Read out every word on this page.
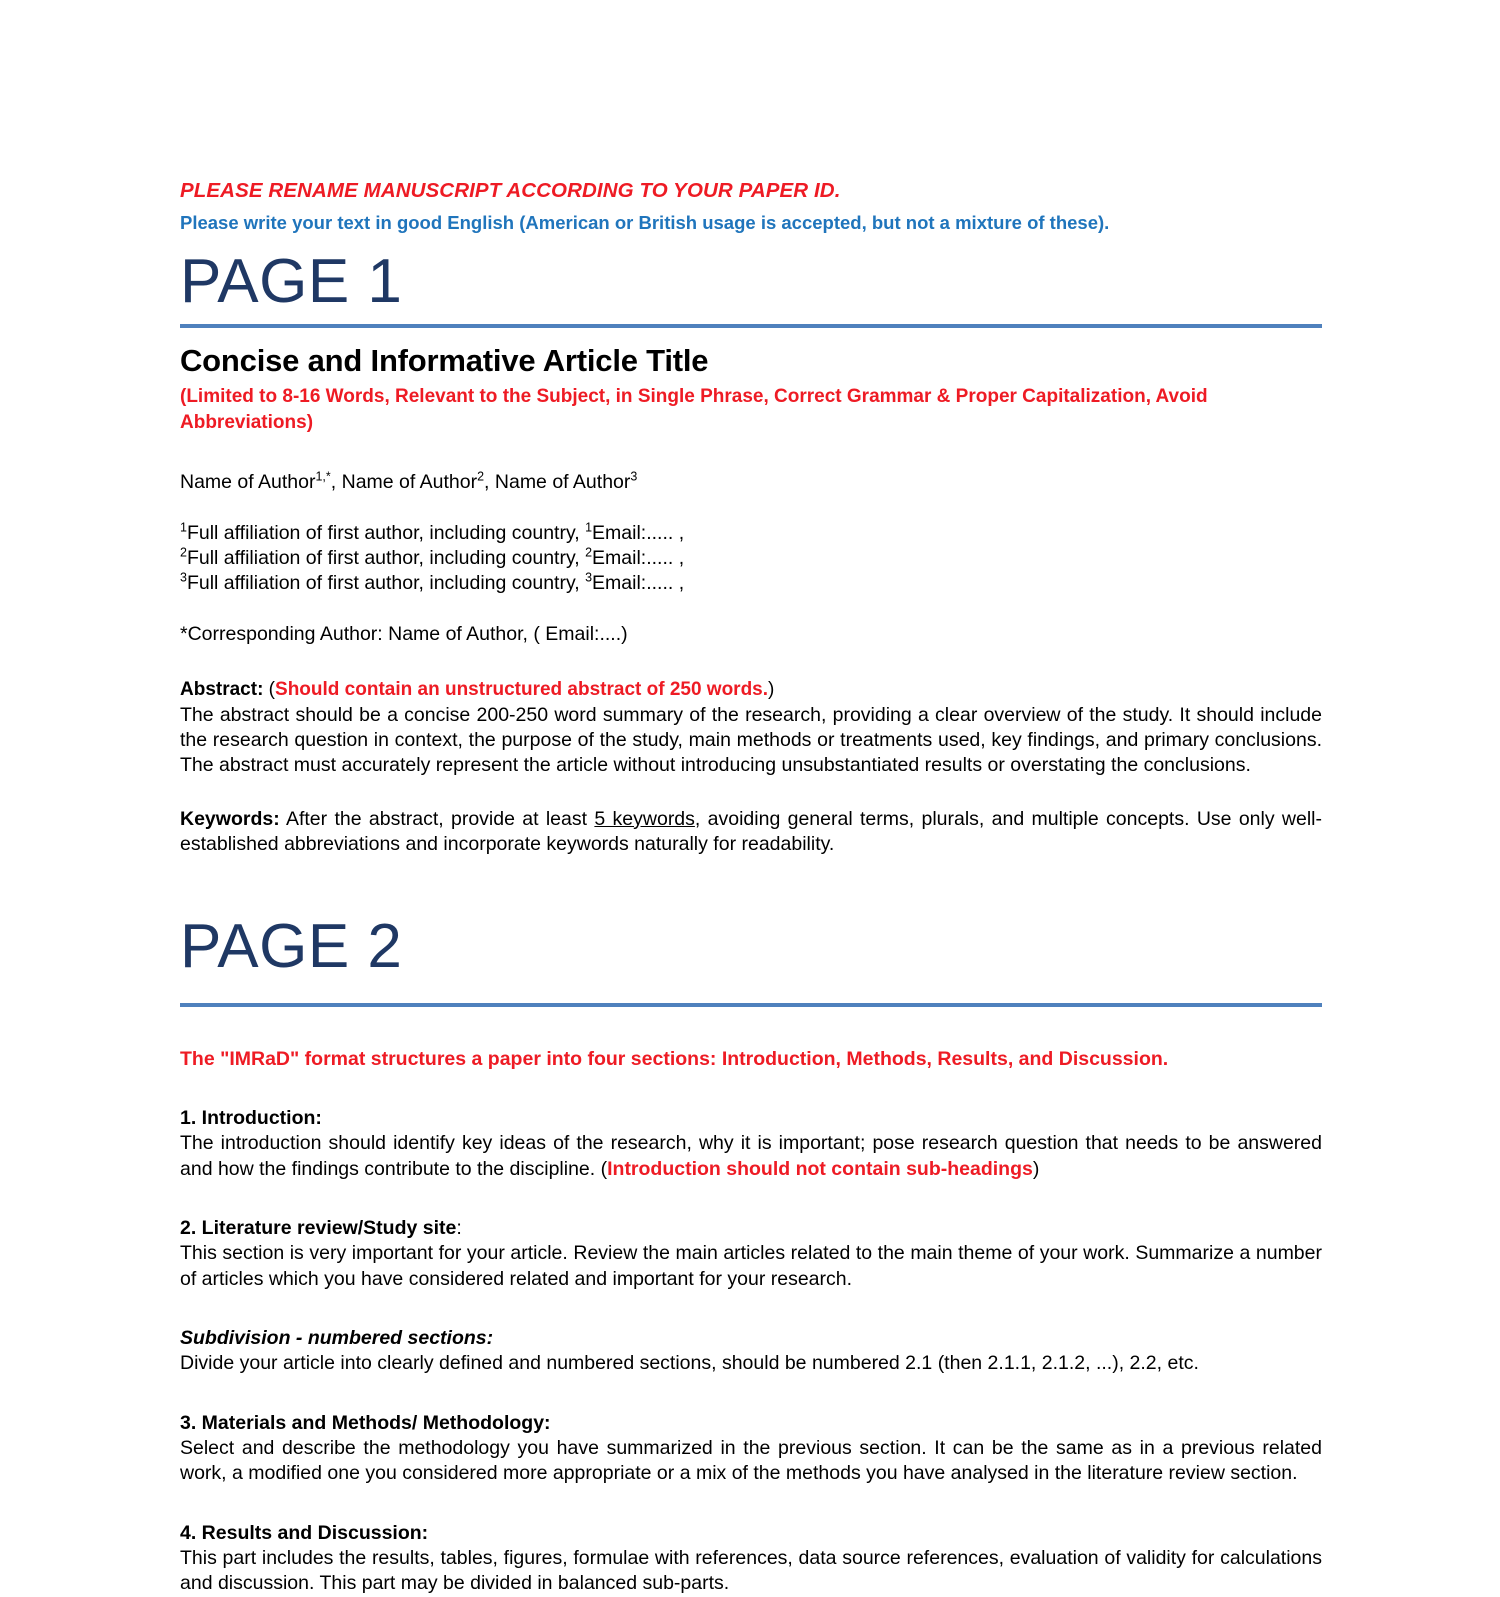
PLEASE RENAME MANUSCRIPT ACCORDING TO YOUR PAPER ID.

Please write your text in good English (American or British usage is accepted, but not a mixture of these).

PAGE 1
Concise and Informative Article Title

(Limited to 8-16 Words, Relevant to the Subject, in Single Phrase, Correct Grammar & Proper Capitalization, Avoid Abbreviations)

Name of Author$^{1,*}$, Name of Author$^2$, Name of Author$^3$

$^1$Full affiliation of first author, including country, $^1$Email:..... ,
$^2$Full affiliation of first author, including country, $^2$Email:..... ,
$^3$Full affiliation of first author, including country, $^3$Email:..... ,

*Corresponding Author: Name of Author, ( Email:....)

Abstract: (Should contain an unstructured abstract of 250 words.)

The abstract should be a concise 200-250 word summary of the research, providing a clear overview of the study. It should include the research question in context, the purpose of the study, main methods or treatments used, key findings, and primary conclusions. The abstract must accurately represent the article without introducing unsubstantiated results or overstating the conclusions.

Keywords: After the abstract, provide at least 5 keywords, avoiding general terms, plurals, and multiple concepts. Use only well-established abbreviations and incorporate keywords naturally for readability.

PAGE 2

The "IMRaD" format structures a paper into four sections: Introduction, Methods, Results, and Discussion.

1. Introduction:

The introduction should identify key ideas of the research, why it is important; pose research question that needs to be answered and how the findings contribute to the discipline. (Introduction should not contain sub-headings)

2. Literature review/Study site:

This section is very important for your article. Review the main articles related to the main theme of your work. Summarize a number of articles which you have considered related and important for your research.

Subdivision - numbered sections:

Divide your article into clearly defined and numbered sections, should be numbered 2.1 (then 2.1.1, 2.1.2, ...), 2.2, etc.

3. Materials and Methods/ Methodology:

Select and describe the methodology you have summarized in the previous section. It can be the same as in a previous related work, a modified one you considered more appropriate or a mix of the methods you have analysed in the literature review section.

4. Results and Discussion:

This part includes the results, tables, figures, formulae with references, data source references, evaluation of validity for calculations and discussion. This part may be divided in balanced sub-parts.
